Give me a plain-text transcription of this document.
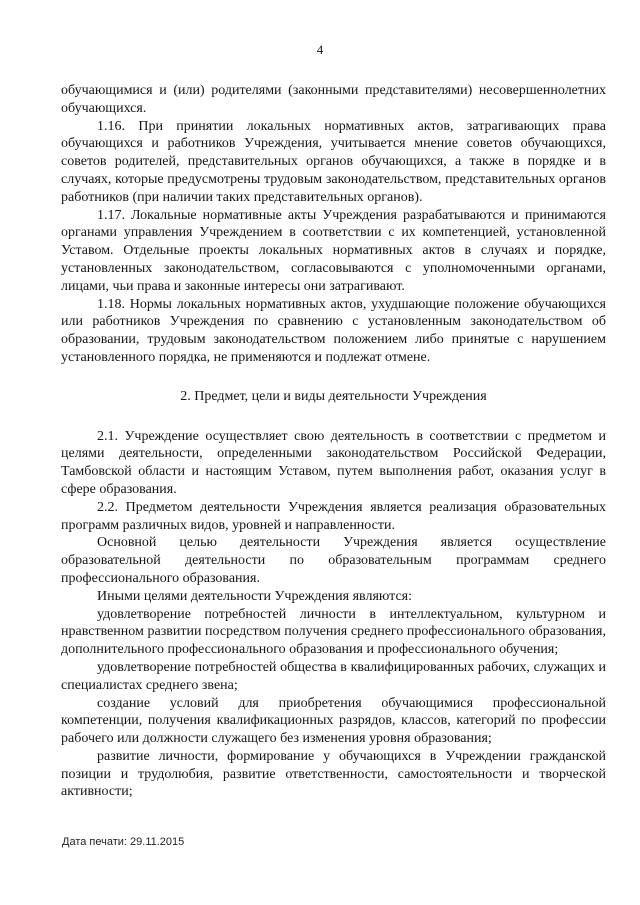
4

обучающимися и (или) родителями (законными представителями) несовершеннолетних обучающихся.

1.16. При принятии локальных нормативных актов, затрагивающих права обучающихся и работников Учреждения, учитывается мнение советов обучающихся, советов родителей, представительных органов обучающихся, а также в порядке и в случаях, которые предусмотрены трудовым законодательством, представительных органов работников (при наличии таких представительных органов).

1.17. Локальные нормативные акты Учреждения разрабатываются и принимаются органами управления Учреждением в соответствии с их компетенцией, установленной Уставом. Отдельные проекты локальных нормативных актов в случаях и порядке, установленных законодательством, согласовываются с уполномоченными органами, лицами, чьи права и законные интересы они затрагивают.

1.18. Нормы локальных нормативных актов, ухудшающие положение обучающихся или работников Учреждения по сравнению с установленным законодательством об образовании, трудовым законодательством положением либо принятые с нарушением установленного порядка, не применяются и подлежат отмене.

2. Предмет, цели и виды деятельности Учреждения

2.1. Учреждение осуществляет свою деятельность в соответствии с предметом и целями деятельности, определенными законодательством Российской Федерации, Тамбовской области и настоящим Уставом, путем выполнения работ, оказания услуг в сфере образования.

2.2. Предметом деятельности Учреждения является реализация образовательных программ различных видов, уровней и направленности.

Основной целью деятельности Учреждения является осуществление образовательной деятельности по образовательным программам среднего профессионального образования.

Иными целями деятельности Учреждения являются:

удовлетворение потребностей личности в интеллектуальном, культурном и нравственном развитии посредством получения среднего профессионального образования, дополнительного профессионального образования и профессионального обучения;

удовлетворение потребностей общества в квалифицированных рабочих, служащих и специалистах среднего звена;

создание условий для приобретения обучающимися профессиональной компетенции, получения квалификационных разрядов, классов, категорий по профессии рабочего или должности служащего без изменения уровня образования;

развитие личности, формирование у обучающихся в Учреждении гражданской позиции и трудолюбия, развитие ответственности, самостоятельности и творческой активности;

Дата печати: 29.11.2015
